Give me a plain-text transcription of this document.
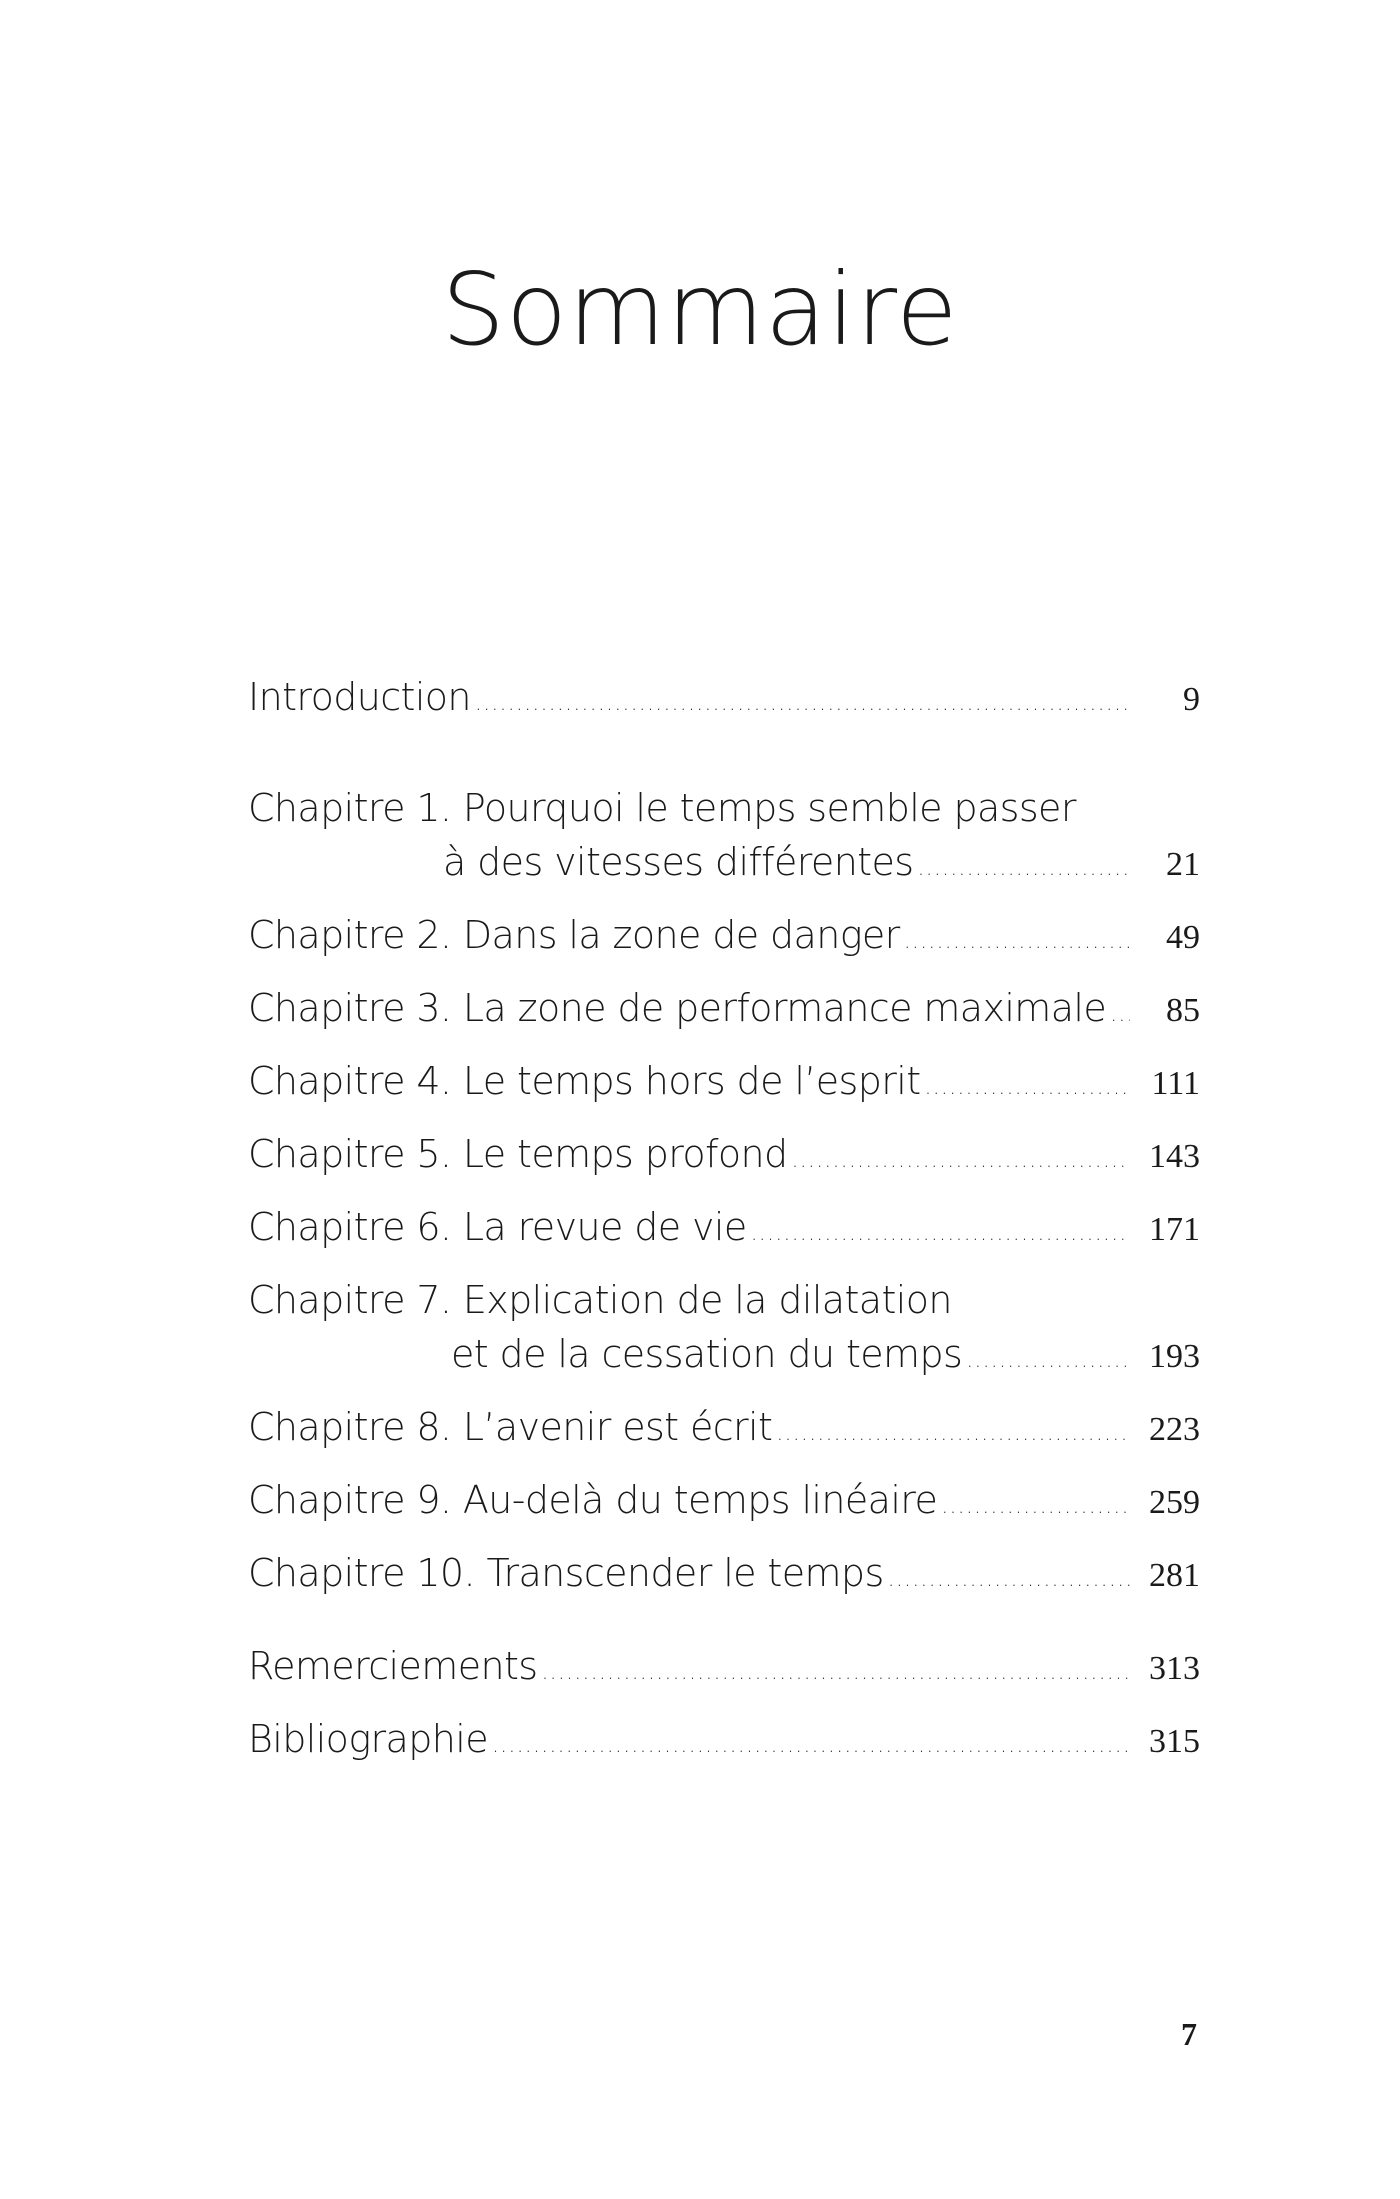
Sommaire
Introduction .....	9
Chapitre 1. Pourquoi le temps semble passer
à des vitesses différentes .....	21
Chapitre 2. Dans la zone de danger .....	49
Chapitre 3. La zone de performance maximale .....	85
Chapitre 4. Le temps hors de l’esprit .....	111
Chapitre 5. Le temps profond .....	143
Chapitre 6. La revue de vie .....	171
Chapitre 7. Explication de la dilatation
et de la cessation du temps .....	193
Chapitre 8. L’avenir est écrit .....	223
Chapitre 9. Au-delà du temps linéaire .....	259
Chapitre 10. Transcender le temps .....	281
Remerciements .....	313
Bibliographie .....	315
7
